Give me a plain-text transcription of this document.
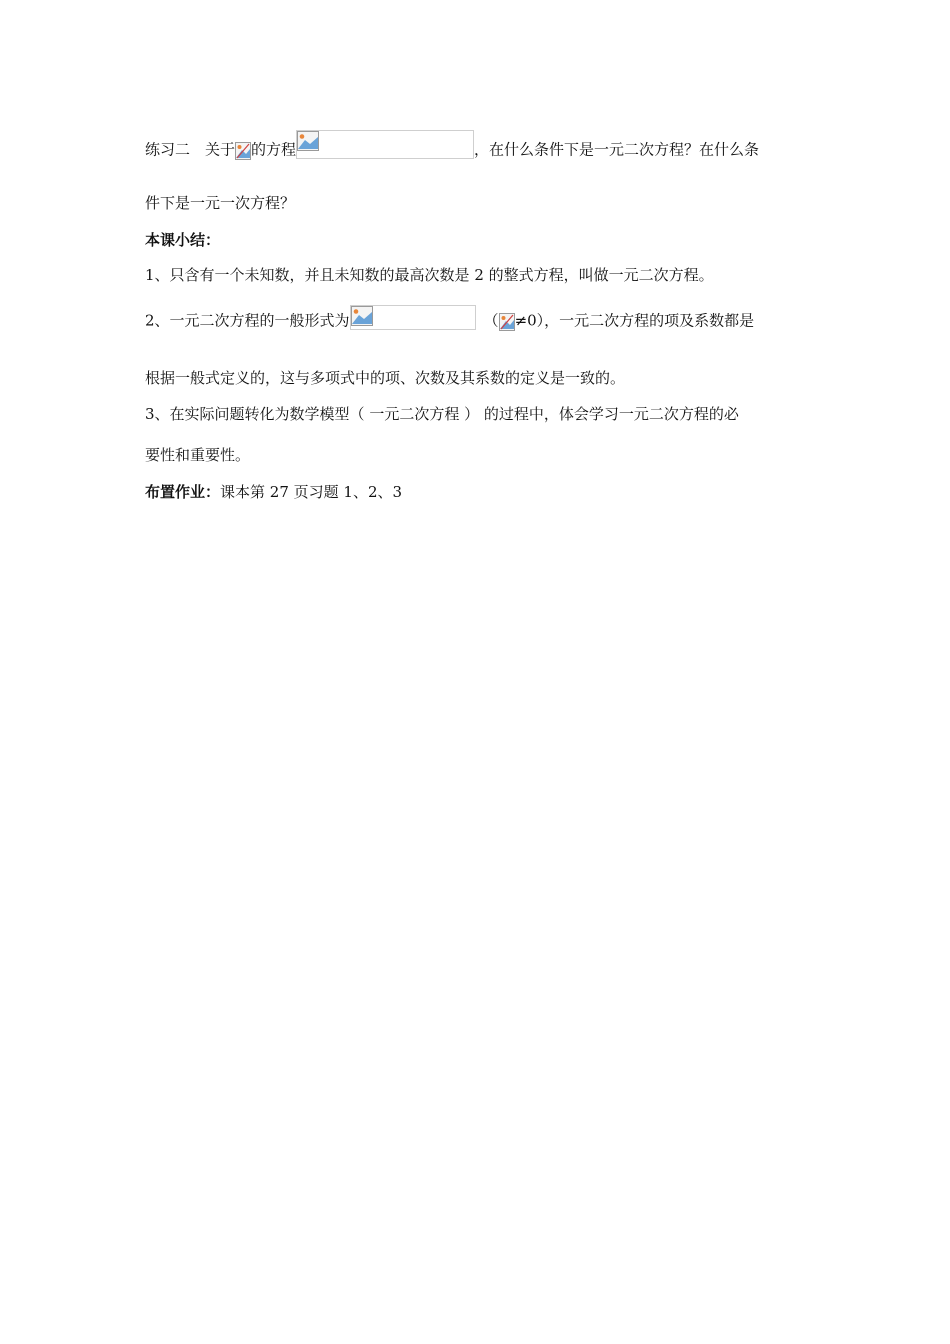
练习二　关于 的方程	，在什么条件下是一元二次方程？在什么条
件下是一元一次方程？
本课小结：
1、只含有一个未知数，并且未知数的最高次数是 2 的整式方程，叫做一元二次方程。
2、一元二次方程的一般形式为	（ ≠0），一元二次方程的项及系数都是
根据一般式定义的，这与多项式中的项、次数及其系数的定义是一致的。
3、在实际问题转化为数学模型（ 一元二次方程 ） 的过程中，体会学习一元二次方程的必
要性和重要性。
布置作业：课本第 27 页习题 1、2、3
